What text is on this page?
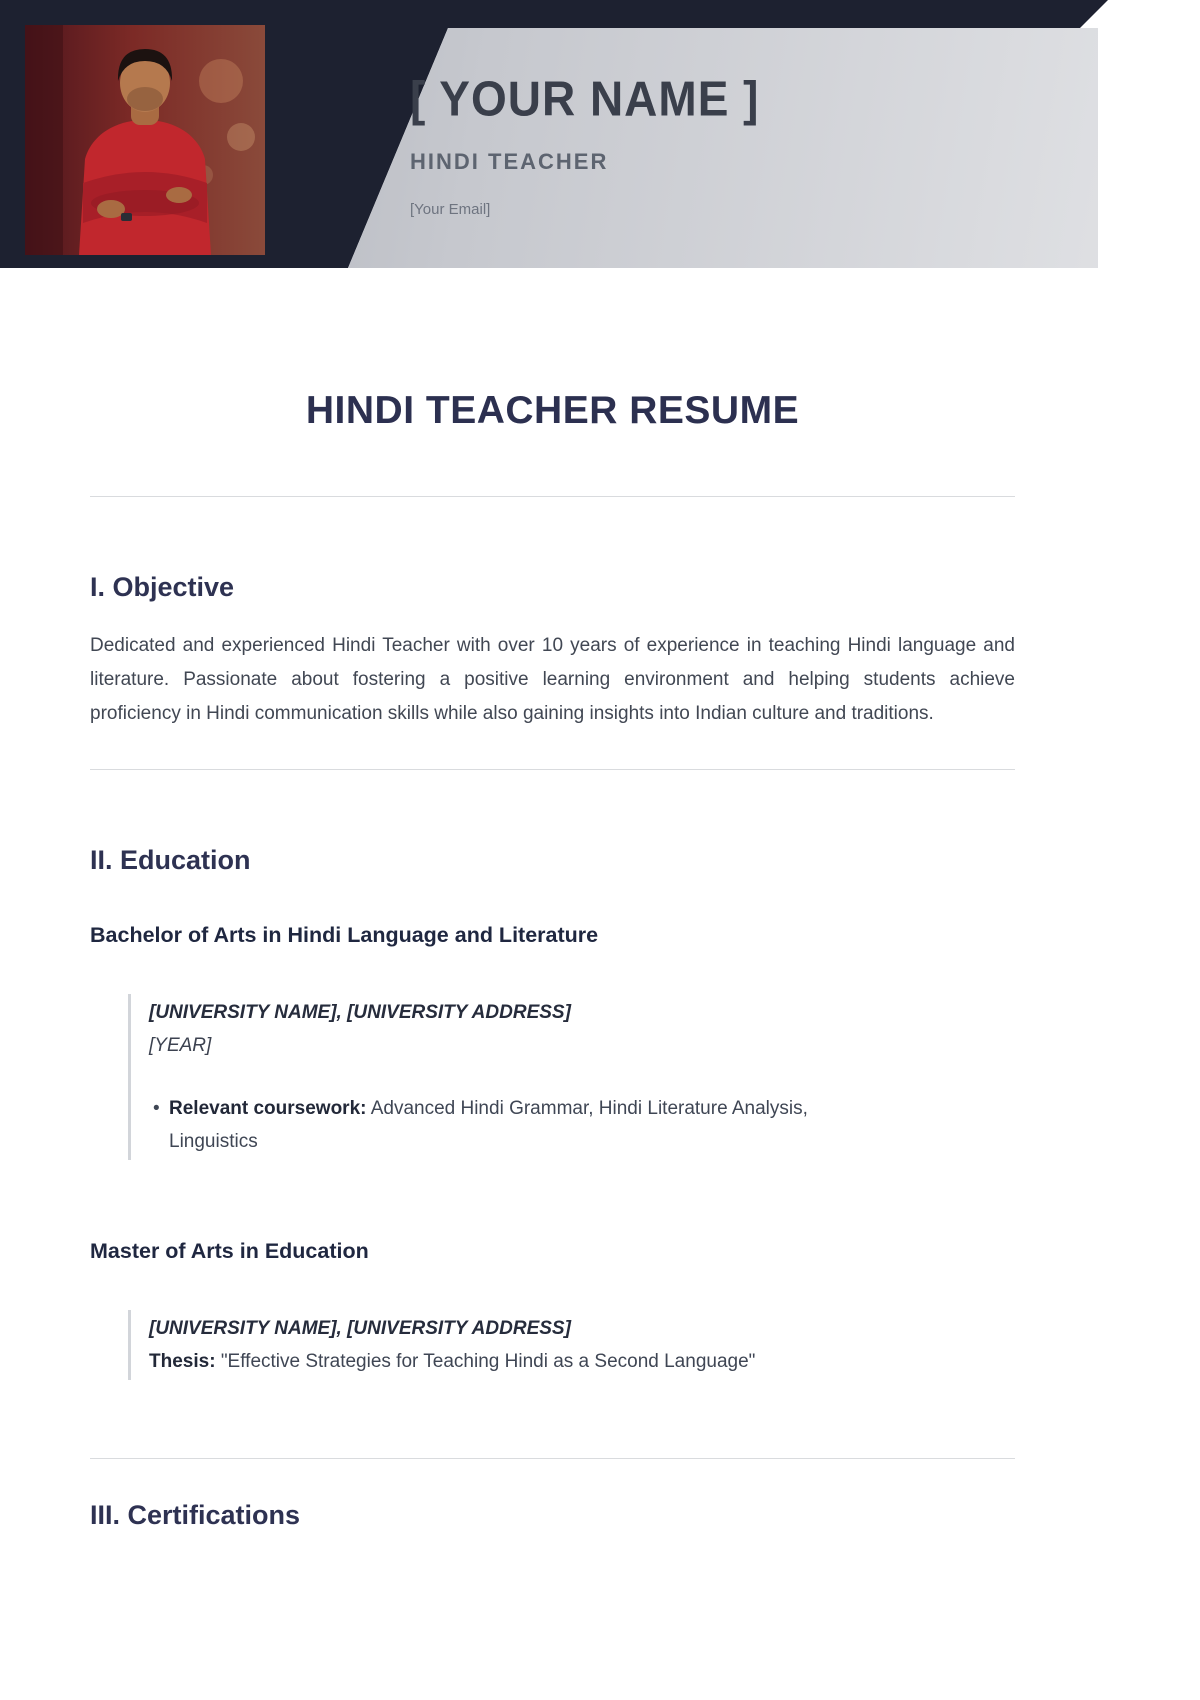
[ YOUR NAME ]
HINDI TEACHER
[Your Email]
HINDI TEACHER RESUME
I. Objective

Dedicated and experienced Hindi Teacher with over 10 years of experience in teaching Hindi language and literature. Passionate about fostering a positive learning environment and helping students achieve proficiency in Hindi communication skills while also gaining insights into Indian culture and traditions.

II. Education
Bachelor of Arts in Hindi Language and Literature
[UNIVERSITY NAME], [UNIVERSITY ADDRESS]
[YEAR]
• Relevant coursework: Advanced Hindi Grammar, Hindi Literature Analysis, Linguistics
Master of Arts in Education
[UNIVERSITY NAME], [UNIVERSITY ADDRESS]
Thesis: "Effective Strategies for Teaching Hindi as a Second Language"
III. Certifications
